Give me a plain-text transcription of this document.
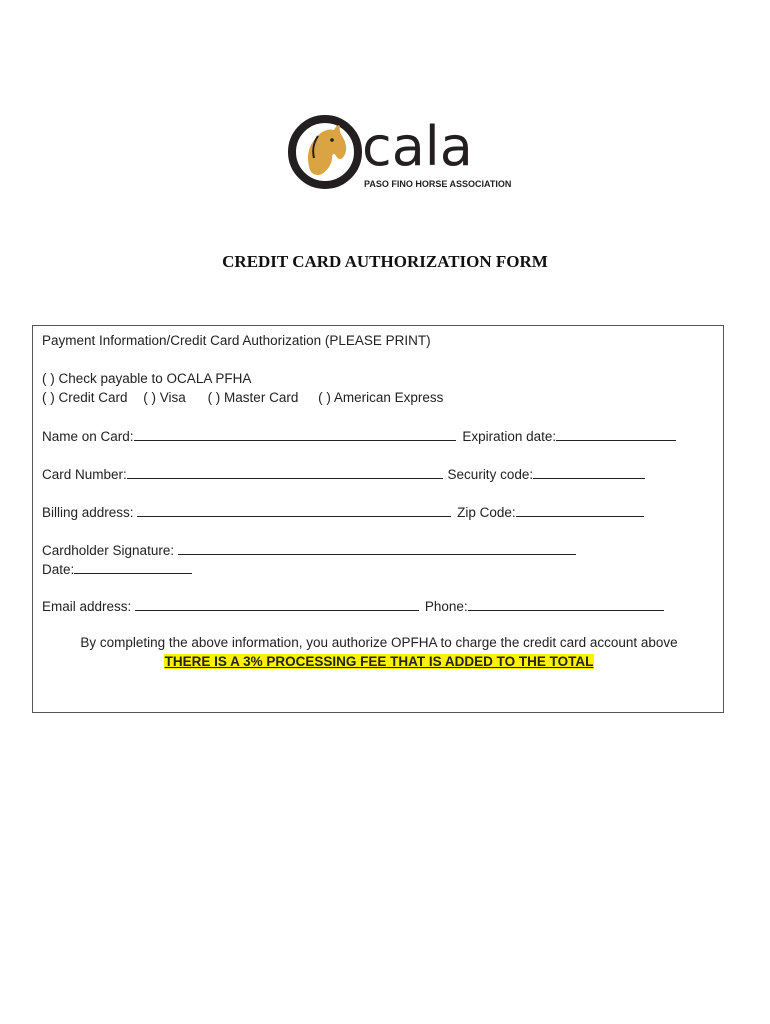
cala
PASO FINO HORSE ASSOCIATION
CREDIT CARD AUTHORIZATION FORM
Payment Information/Credit Card Authorization (PLEASE PRINT)
( ) Check payable to OCALA PFHA
( ) Credit Card ( ) Visa ( ) Master Card ( ) American Express
Name on Card:	Expiration date:
Card Number:	Security code:
Billing address:	Zip Code:
Cardholder Signature:
Date:
Email address:	Phone:
By completing the above information, you authorize OPFHA to charge the credit card account above
THERE IS A 3% PROCESSING FEE THAT IS ADDED TO THE TOTAL
